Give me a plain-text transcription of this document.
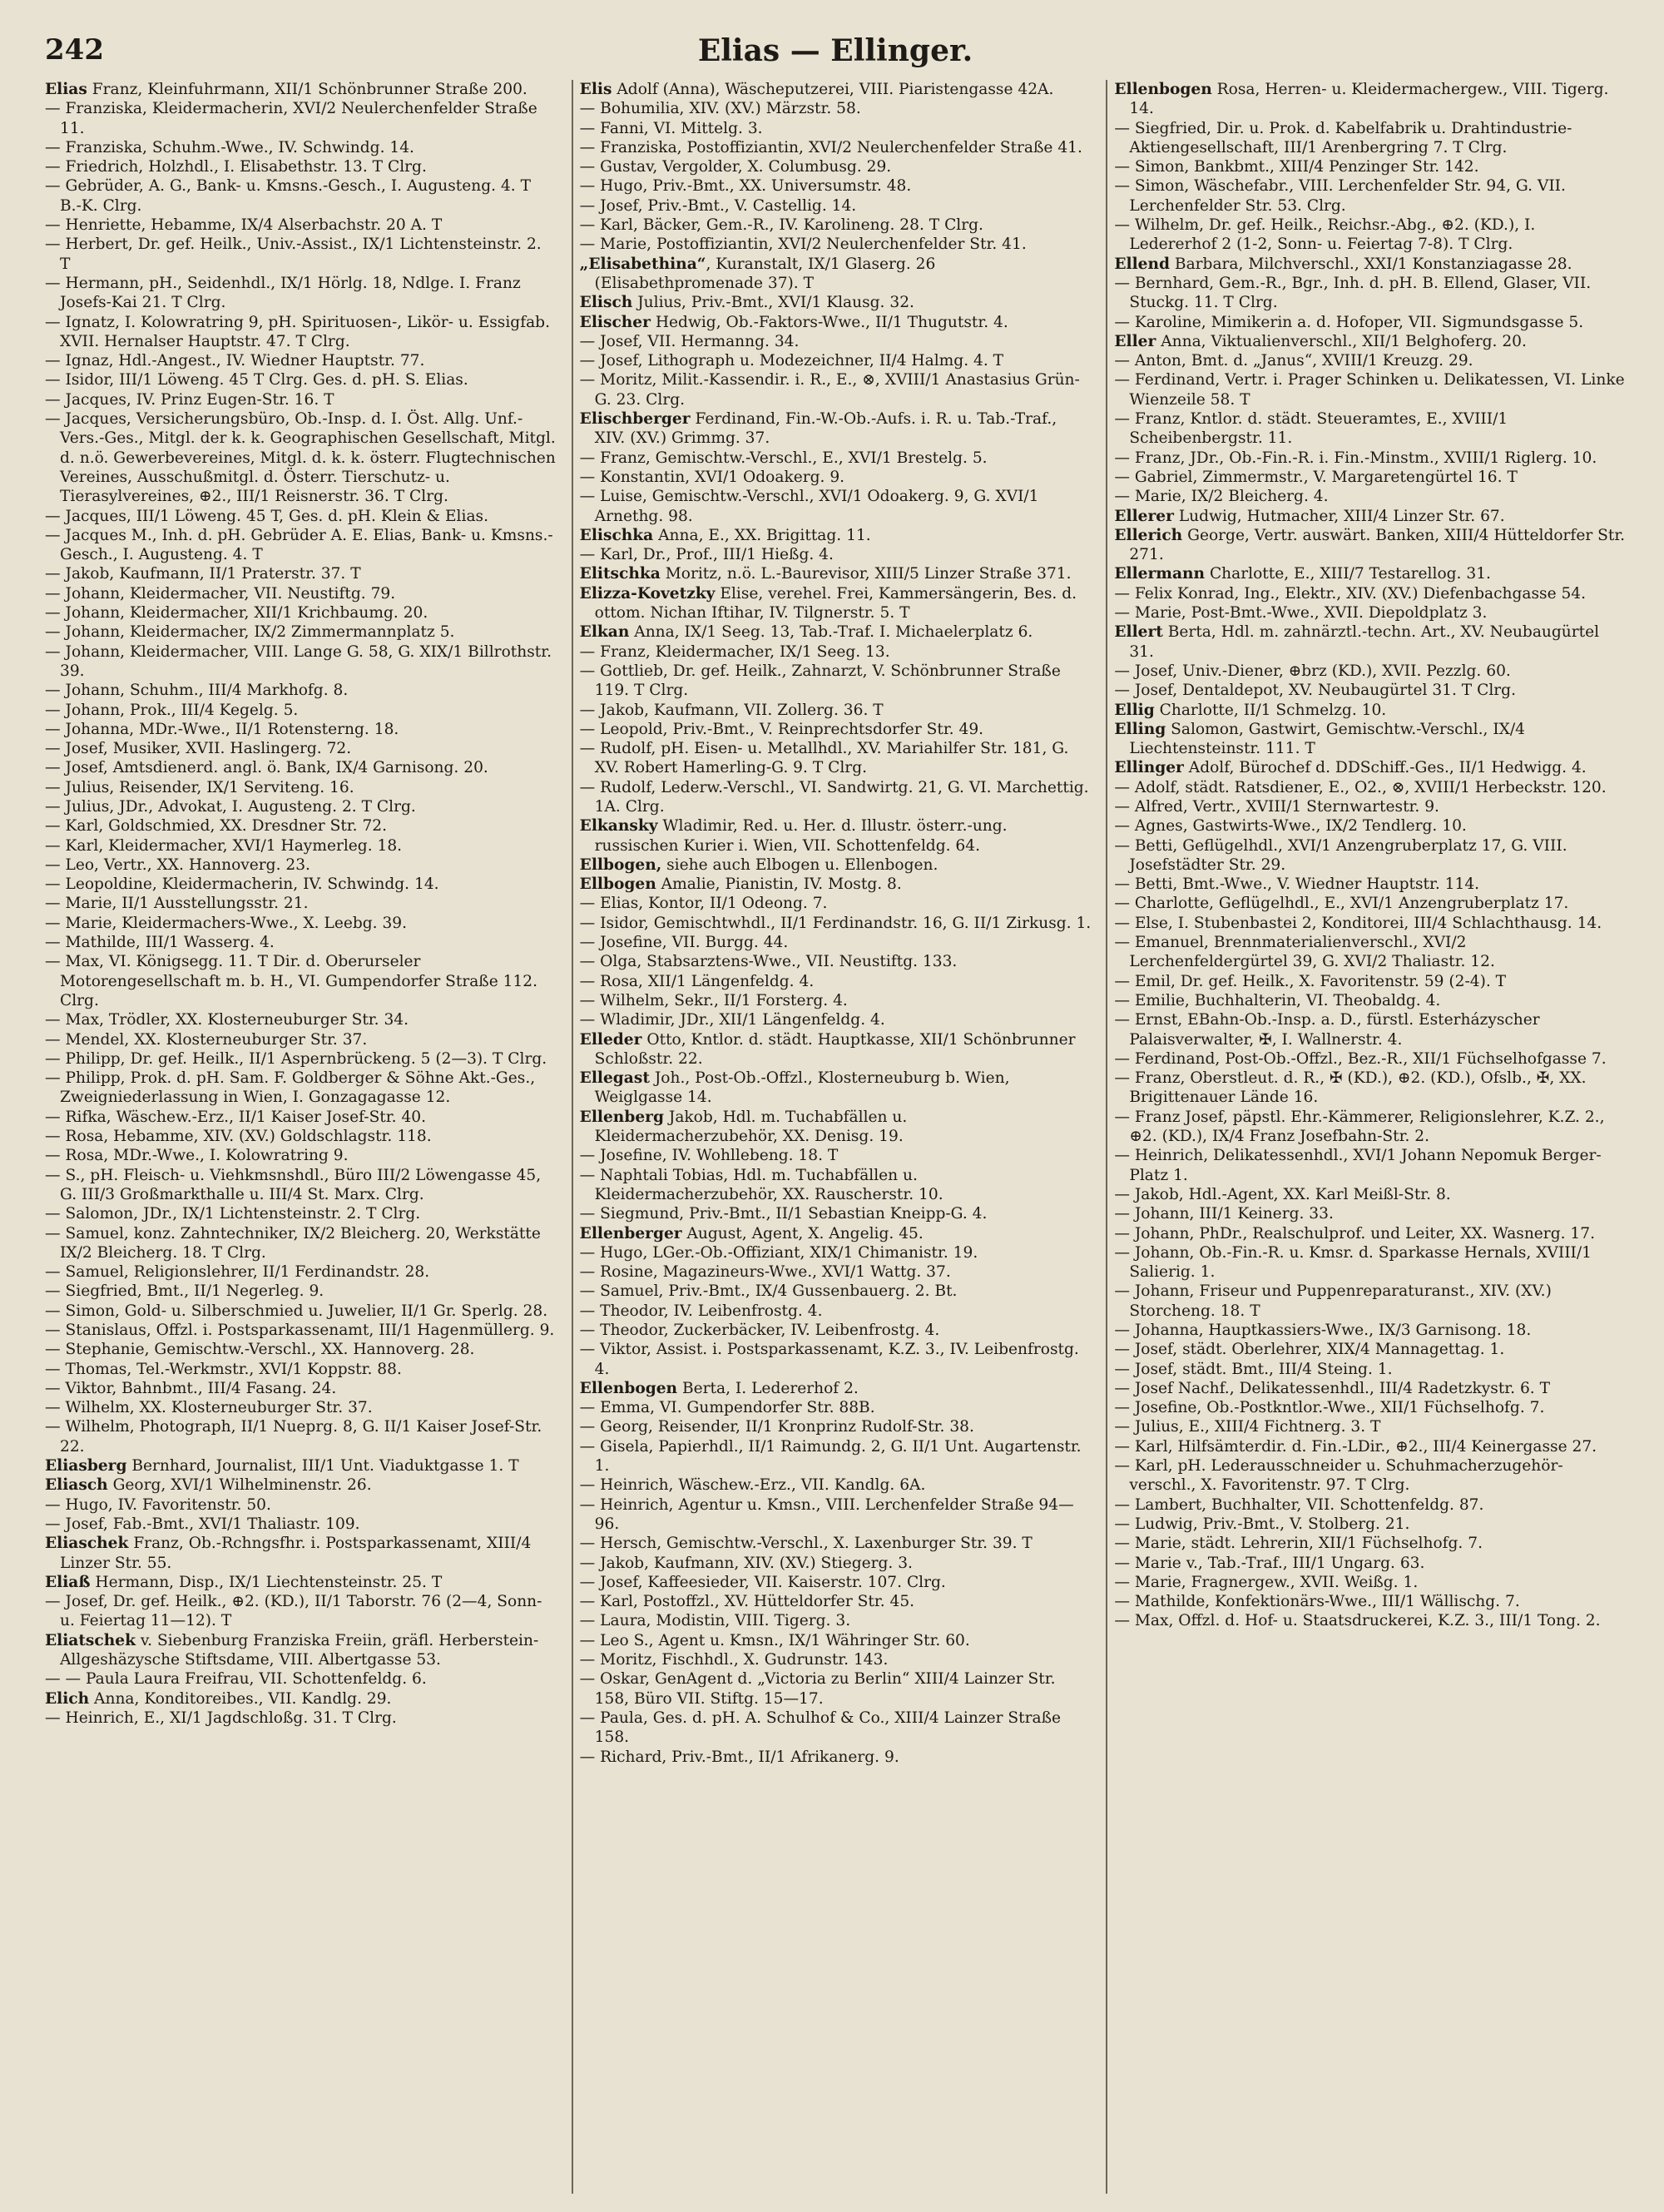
242	Elias — Ellinger.
Elias Franz, Kleinfuhrmann, XII/1 Schönbrunner Straße 200.
— Franziska, Kleidermacherin, XVI/2 Neulerchenfelder Straße 11.
— Franziska, Schuhm.-Wwe., IV. Schwindg. 14.
— Friedrich, Holzhdl., I. Elisabethstr. 13. T Clrg.
— Gebrüder, A. G., Bank- u. Kmsns.-Gesch., I. Augusteng. 4. T B.-K. Clrg.
— Henriette, Hebamme, IX/4 Alserbachstr. 20 A. T
— Herbert, Dr. gef. Heilk., Univ.-Assist., IX/1 Lichtensteinstr. 2. T
— Hermann, pH., Seidenhdl., IX/1 Hörlg. 18, Ndlge. I. Franz Josefs-Kai 21. T Clrg.
— Ignatz, I. Kolowratring 9, pH. Spirituosen-, Likör- u. Essigfab. XVII. Hernalser Hauptstr. 47. T Clrg.
— Ignaz, Hdl.-Angest., IV. Wiedner Hauptstr. 77.
— Isidor, III/1 Löweng. 45 T Clrg. Ges. d. pH. S. Elias.
— Jacques, IV. Prinz Eugen-Str. 16. T
— Jacques, Versicherungsbüro, Ob.-Insp. d. I. Öst. Allg. Unf.-Vers.-Ges., Mitgl. der k. k. Geographischen Gesellschaft, Mitgl. d. n.ö. Gewerbevereines, Mitgl. d. k. k. österr. Flugtechnischen Vereines, Ausschußmitgl. d. Österr. Tierschutz- u. Tierasylvereines, ⊕2., III/1 Reisnerstr. 36. T Clrg.
— Jacques, III/1 Löweng. 45 T, Ges. d. pH. Klein & Elias.
— Jacques M., Inh. d. pH. Gebrüder A. E. Elias, Bank- u. Kmsns.-Gesch., I. Augusteng. 4. T
— Jakob, Kaufmann, II/1 Praterstr. 37. T
— Johann, Kleidermacher, VII. Neustiftg. 79.
— Johann, Kleidermacher, XII/1 Krichbaumg. 20.
— Johann, Kleidermacher, IX/2 Zimmermannplatz 5.
— Johann, Kleidermacher, VIII. Lange G. 58, G. XIX/1 Billrothstr. 39.
— Johann, Schuhm., III/4 Markhofg. 8.
— Johann, Prok., III/4 Kegelg. 5.
— Johanna, MDr.-Wwe., II/1 Rotensterng. 18.
— Josef, Musiker, XVII. Haslingerg. 72.
— Josef, Amtsdienerd. angl. ö. Bank, IX/4 Garnisong. 20.
— Julius, Reisender, IX/1 Serviteng. 16.
— Julius, JDr., Advokat, I. Augusteng. 2. T Clrg.
— Karl, Goldschmied, XX. Dresdner Str. 72.
— Karl, Kleidermacher, XVI/1 Haymerleg. 18.
— Leo, Vertr., XX. Hannoverg. 23.
— Leopoldine, Kleidermacherin, IV. Schwindg. 14.
— Marie, II/1 Ausstellungsstr. 21.
— Marie, Kleidermachers-Wwe., X. Leebg. 39.
— Mathilde, III/1 Wasserg. 4.
— Max, VI. Königsegg. 11. T Dir. d. Oberurseler Motorengesellschaft m. b. H., VI. Gumpendorfer Straße 112. Clrg.
— Max, Trödler, XX. Klosterneuburger Str. 34.
— Mendel, XX. Klosterneuburger Str. 37.
— Philipp, Dr. gef. Heilk., II/1 Aspernbrückeng. 5 (2—3). T Clrg.
— Philipp, Prok. d. pH. Sam. F. Goldberger & Söhne Akt.-Ges., Zweigniederlassung in Wien, I. Gonzagagasse 12.
— Rifka, Wäschew.-Erz., II/1 Kaiser Josef-Str. 40.
— Rosa, Hebamme, XIV. (XV.) Goldschlagstr. 118.
— Rosa, MDr.-Wwe., I. Kolowratring 9.
— S., pH. Fleisch- u. Viehkmsnshdl., Büro III/2 Löwengasse 45, G. III/3 Großmarkthalle u. III/4 St. Marx. Clrg.
— Salomon, JDr., IX/1 Lichtensteinstr. 2. T Clrg.
— Samuel, konz. Zahntechniker, IX/2 Bleicherg. 20, Werkstätte IX/2 Bleicherg. 18. T Clrg.
— Samuel, Religionslehrer, II/1 Ferdinandstr. 28.
— Siegfried, Bmt., II/1 Negerleg. 9.
— Simon, Gold- u. Silberschmied u. Juwelier, II/1 Gr. Sperlg. 28.
— Stanislaus, Offzl. i. Postsparkassenamt, III/1 Hagenmüllerg. 9.
— Stephanie, Gemischtw.-Verschl., XX. Hannoverg. 28.
— Thomas, Tel.-Werkmstr., XVI/1 Koppstr. 88.
— Viktor, Bahnbmt., III/4 Fasang. 24.
— Wilhelm, XX. Klosterneuburger Str. 37.
— Wilhelm, Photograph, II/1 Nueprg. 8, G. II/1 Kaiser Josef-Str. 22.
Eliasberg Bernhard, Journalist, III/1 Unt. Viaduktgasse 1. T
Eliasch Georg, XVI/1 Wilhelminenstr. 26.
— Hugo, IV. Favoritenstr. 50.
— Josef, Fab.-Bmt., XVI/1 Thaliastr. 109.
Eliaschek Franz, Ob.-Rchngsfhr. i. Postsparkassenamt, XIII/4 Linzer Str. 55.
Eliaß Hermann, Disp., IX/1 Liechtensteinstr. 25. T
— Josef, Dr. gef. Heilk., ⊕2. (KD.), II/1 Taborstr. 76 (2—4, Sonn- u. Feiertag 11—12). T
Eliatschek v. Siebenburg Franziska Freiin, gräfl. Herberstein-Allgeshäzysche Stiftsdame, VIII. Albertgasse 53.
— — Paula Laura Freifrau, VII. Schottenfeldg. 6.
Elich Anna, Konditoreibes., VII. Kandlg. 29.
— Heinrich, E., XI/1 Jagdschloßg. 31. T Clrg.
Elis Adolf (Anna), Wäscheputzerei, VIII. Piaristengasse 42A.
— Bohumilia, XIV. (XV.) Märzstr. 58.
— Fanni, VI. Mittelg. 3.
— Franziska, Postoffiziantin, XVI/2 Neulerchenfelder Straße 41.
— Gustav, Vergolder, X. Columbusg. 29.
— Hugo, Priv.-Bmt., XX. Universumstr. 48.
— Josef, Priv.-Bmt., V. Castellig. 14.
— Karl, Bäcker, Gem.-R., IV. Karolineng. 28. T Clrg.
— Marie, Postoffiziantin, XVI/2 Neulerchenfelder Str. 41.
„Elisabethina“, Kuranstalt, IX/1 Glaserg. 26 (Elisabethpromenade 37). T
Elisch Julius, Priv.-Bmt., XVI/1 Klausg. 32.
Elischer Hedwig, Ob.-Faktors-Wwe., II/1 Thugutstr. 4.
— Josef, VII. Hermanng. 34.
— Josef, Lithograph u. Modezeichner, II/4 Halmg. 4. T
— Moritz, Milit.-Kassendir. i. R., E., ⊗, XVIII/1 Anastasius Grün-G. 23. Clrg.
Elischberger Ferdinand, Fin.-W.-Ob.-Aufs. i. R. u. Tab.-Traf., XIV. (XV.) Grimmg. 37.
— Franz, Gemischtw.-Verschl., E., XVI/1 Brestelg. 5.
— Konstantin, XVI/1 Odoakerg. 9.
— Luise, Gemischtw.-Verschl., XVI/1 Odoakerg. 9, G. XVI/1 Arnethg. 98.
Elischka Anna, E., XX. Brigittag. 11.
— Karl, Dr., Prof., III/1 Hießg. 4.
Elitschka Moritz, n.ö. L.-Baurevisor, XIII/5 Linzer Straße 371.
Elizza-Kovetzky Elise, verehel. Frei, Kammersängerin, Bes. d. ottom. Nichan Iftihar, IV. Tilgnerstr. 5. T
Elkan Anna, IX/1 Seeg. 13, Tab.-Traf. I. Michaelerplatz 6.
— Franz, Kleidermacher, IX/1 Seeg. 13.
— Gottlieb, Dr. gef. Heilk., Zahnarzt, V. Schönbrunner Straße 119. T Clrg.
— Jakob, Kaufmann, VII. Zollerg. 36. T
— Leopold, Priv.-Bmt., V. Reinprechtsdorfer Str. 49.
— Rudolf, pH. Eisen- u. Metallhdl., XV. Mariahilfer Str. 181, G. XV. Robert Hamerling-G. 9. T Clrg.
— Rudolf, Lederw.-Verschl., VI. Sandwirtg. 21, G. VI. Marchettig. 1A. Clrg.
Elkansky Wladimir, Red. u. Her. d. Illustr. österr.-ung. russischen Kurier i. Wien, VII. Schottenfeldg. 64.
Ellbogen, siehe auch Elbogen u. Ellenbogen.
Ellbogen Amalie, Pianistin, IV. Mostg. 8.
— Elias, Kontor, II/1 Odeong. 7.
— Isidor, Gemischtwhdl., II/1 Ferdinandstr. 16, G. II/1 Zirkusg. 1.
— Josefine, VII. Burgg. 44.
— Olga, Stabsarztens-Wwe., VII. Neustiftg. 133.
— Rosa, XII/1 Längenfeldg. 4.
— Wilhelm, Sekr., II/1 Forsterg. 4.
— Wladimir, JDr., XII/1 Längenfeldg. 4.
Elleder Otto, Kntlor. d. städt. Hauptkasse, XII/1 Schönbrunner Schloßstr. 22.
Ellegast Joh., Post-Ob.-Offzl., Klosterneuburg b. Wien, Weiglgasse 14.
Ellenberg Jakob, Hdl. m. Tuchabfällen u. Kleidermacherzubehör, XX. Denisg. 19.
— Josefine, IV. Wohllebeng. 18. T
— Naphtali Tobias, Hdl. m. Tuchabfällen u. Kleidermacherzubehör, XX. Rauscherstr. 10.
— Siegmund, Priv.-Bmt., II/1 Sebastian Kneipp-G. 4.
Ellenberger August, Agent, X. Angelig. 45.
— Hugo, LGer.-Ob.-Offiziant, XIX/1 Chimanistr. 19.
— Rosine, Magazineurs-Wwe., XVI/1 Wattg. 37.
— Samuel, Priv.-Bmt., IX/4 Gussenbauerg. 2. Bt.
— Theodor, IV. Leibenfrostg. 4.
— Theodor, Zuckerbäcker, IV. Leibenfrostg. 4.
— Viktor, Assist. i. Postsparkassenamt, K.Z. 3., IV. Leibenfrostg. 4.
Ellenbogen Berta, I. Ledererhof 2.
— Emma, VI. Gumpendorfer Str. 88B.
— Georg, Reisender, II/1 Kronprinz Rudolf-Str. 38.
— Gisela, Papierhdl., II/1 Raimundg. 2, G. II/1 Unt. Augartenstr. 1.
— Heinrich, Wäschew.-Erz., VII. Kandlg. 6A.
— Heinrich, Agentur u. Kmsn., VIII. Lerchenfelder Straße 94—96.
— Hersch, Gemischtw.-Verschl., X. Laxenburger Str. 39. T
— Jakob, Kaufmann, XIV. (XV.) Stiegerg. 3.
— Josef, Kaffeesieder, VII. Kaiserstr. 107. Clrg.
— Karl, Postoffzl., XV. Hütteldorfer Str. 45.
— Laura, Modistin, VIII. Tigerg. 3.
— Leo S., Agent u. Kmsn., IX/1 Währinger Str. 60.
— Moritz, Fischhdl., X. Gudrunstr. 143.
— Oskar, GenAgent d. „Victoria zu Berlin“ XIII/4 Lainzer Str. 158, Büro VII. Stiftg. 15—17.
— Paula, Ges. d. pH. A. Schulhof & Co., XIII/4 Lainzer Straße 158.
— Richard, Priv.-Bmt., II/1 Afrikanerg. 9.
Ellenbogen Rosa, Herren- u. Kleidermachergew., VIII. Tigerg. 14.
— Siegfried, Dir. u. Prok. d. Kabelfabrik u. Drahtindustrie-Aktiengesellschaft, III/1 Arenbergring 7. T Clrg.
— Simon, Bankbmt., XIII/4 Penzinger Str. 142.
— Simon, Wäschefabr., VIII. Lerchenfelder Str. 94, G. VII. Lerchenfelder Str. 53. Clrg.
— Wilhelm, Dr. gef. Heilk., Reichsr.-Abg., ⊕2. (KD.), I. Ledererhof 2 (1-2, Sonn- u. Feiertag 7-8). T Clrg.
Ellend Barbara, Milchverschl., XXI/1 Konstanziagasse 28.
— Bernhard, Gem.-R., Bgr., Inh. d. pH. B. Ellend, Glaser, VII. Stuckg. 11. T Clrg.
— Karoline, Mimikerin a. d. Hofoper, VII. Sigmundsgasse 5.
Eller Anna, Viktualienverschl., XII/1 Belghoferg. 20.
— Anton, Bmt. d. „Janus“, XVIII/1 Kreuzg. 29.
— Ferdinand, Vertr. i. Prager Schinken u. Delikatessen, VI. Linke Wienzeile 58. T
— Franz, Kntlor. d. städt. Steueramtes, E., XVIII/1 Scheibenbergstr. 11.
— Franz, JDr., Ob.-Fin.-R. i. Fin.-Minstm., XVIII/1 Riglerg. 10.
— Gabriel, Zimmermstr., V. Margaretengürtel 16. T
— Marie, IX/2 Bleicherg. 4.
Ellerer Ludwig, Hutmacher, XIII/4 Linzer Str. 67.
Ellerich George, Vertr. auswärt. Banken, XIII/4 Hütteldorfer Str. 271.
Ellermann Charlotte, E., XIII/7 Testarellog. 31.
— Felix Konrad, Ing., Elektr., XIV. (XV.) Diefenbachgasse 54.
— Marie, Post-Bmt.-Wwe., XVII. Diepoldplatz 3.
Ellert Berta, Hdl. m. zahnärztl.-techn. Art., XV. Neubaugürtel 31.
— Josef, Univ.-Diener, ⊕brz (KD.), XVII. Pezzlg. 60.
— Josef, Dentaldepot, XV. Neubaugürtel 31. T Clrg.
Ellig Charlotte, II/1 Schmelzg. 10.
Elling Salomon, Gastwirt, Gemischtw.-Verschl., IX/4 Liechtensteinstr. 111. T
Ellinger Adolf, Bürochef d. DDSchiff.-Ges., II/1 Hedwigg. 4.
— Adolf, städt. Ratsdiener, E., O2., ⊗, XVIII/1 Herbeckstr. 120.
— Alfred, Vertr., XVIII/1 Sternwartestr. 9.
— Agnes, Gastwirts-Wwe., IX/2 Tendlerg. 10.
— Betti, Geflügelhdl., XVI/1 Anzengruberplatz 17, G. VIII. Josefstädter Str. 29.
— Betti, Bmt.-Wwe., V. Wiedner Hauptstr. 114.
— Charlotte, Geflügelhdl., E., XVI/1 Anzengruberplatz 17.
— Else, I. Stubenbastei 2, Konditorei, III/4 Schlachthausg. 14.
— Emanuel, Brennmaterialienverschl., XVI/2 Lerchenfeldergürtel 39, G. XVI/2 Thaliastr. 12.
— Emil, Dr. gef. Heilk., X. Favoritenstr. 59 (2-4). T
— Emilie, Buchhalterin, VI. Theobaldg. 4.
— Ernst, EBahn-Ob.-Insp. a. D., fürstl. Esterházyscher Palaisverwalter, ✠, I. Wallnerstr. 4.
— Ferdinand, Post-Ob.-Offzl., Bez.-R., XII/1 Füchselhofgasse 7.
— Franz, Oberstleut. d. R., ✠ (KD.), ⊕2. (KD.), Ofslb., ✠, XX. Brigittenauer Lände 16.
— Franz Josef, päpstl. Ehr.-Kämmerer, Religionslehrer, K.Z. 2., ⊕2. (KD.), IX/4 Franz Josefbahn-Str. 2.
— Heinrich, Delikatessenhdl., XVI/1 Johann Nepomuk Berger-Platz 1.
— Jakob, Hdl.-Agent, XX. Karl Meißl-Str. 8.
— Johann, III/1 Keinerg. 33.
— Johann, PhDr., Realschulprof. und Leiter, XX. Wasnerg. 17.
— Johann, Ob.-Fin.-R. u. Kmsr. d. Sparkasse Hernals, XVIII/1 Salierig. 1.
— Johann, Friseur und Puppenreparaturanst., XIV. (XV.) Storcheng. 18. T
— Johanna, Hauptkassiers-Wwe., IX/3 Garnisong. 18.
— Josef, städt. Oberlehrer, XIX/4 Mannagettag. 1.
— Josef, städt. Bmt., III/4 Steing. 1.
— Josef Nachf., Delikatessenhdl., III/4 Radetzkystr. 6. T
— Josefine, Ob.-Postkntlor.-Wwe., XII/1 Füchselhofg. 7.
— Julius, E., XIII/4 Fichtnerg. 3. T
— Karl, Hilfsämterdir. d. Fin.-LDir., ⊕2., III/4 Keinergasse 27.
— Karl, pH. Lederausschneider u. Schuhmacherzugehör-verschl., X. Favoritenstr. 97. T Clrg.
— Lambert, Buchhalter, VII. Schottenfeldg. 87.
— Ludwig, Priv.-Bmt., V. Stolberg. 21.
— Marie, städt. Lehrerin, XII/1 Füchselhofg. 7.
— Marie v., Tab.-Traf., III/1 Ungarg. 63.
— Marie, Fragnergew., XVII. Weißg. 1.
— Mathilde, Konfektionärs-Wwe., III/1 Wällischg. 7.
— Max, Offzl. d. Hof- u. Staatsdruckerei, K.Z. 3., III/1 Tong. 2.
